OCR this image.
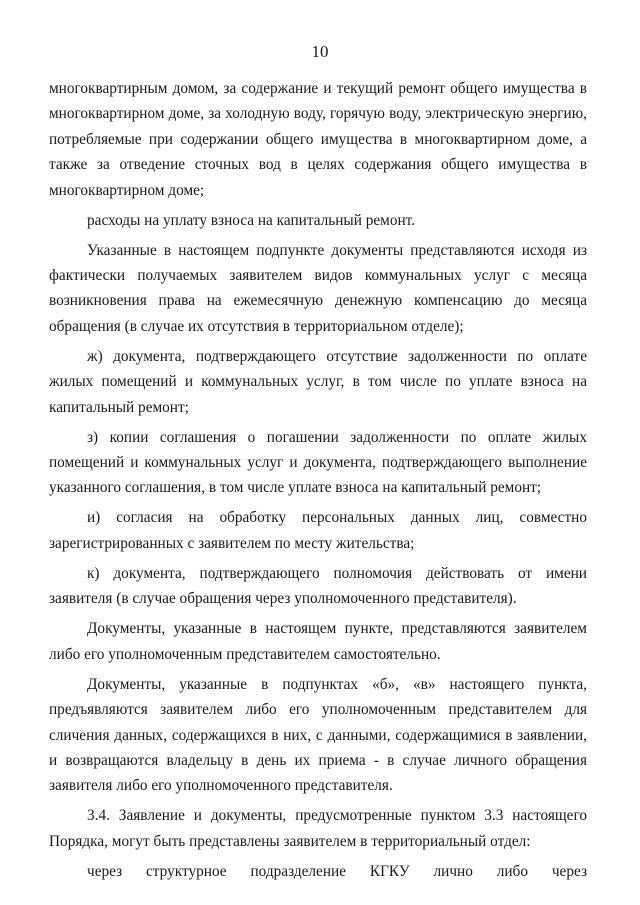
10

многоквартирным домом, за содержание и текущий ремонт общего имущества в многоквартирном доме, за холодную воду, горячую воду, электрическую энергию, потребляемые при содержании общего имущества в многоквартирном доме, а также за отведение сточных вод в целях содержания общего имущества в многоквартирном доме;

расходы на уплату взноса на капитальный ремонт.

Указанные в настоящем подпункте документы представляются исходя из фактически получаемых заявителем видов коммунальных услуг с месяца возникновения права на ежемесячную денежную компенсацию до месяца обращения (в случае их отсутствия в территориальном отделе);

ж) документа, подтверждающего отсутствие задолженности по оплате жилых помещений и коммунальных услуг, в том числе по уплате взноса на капитальный ремонт;

з) копии соглашения о погашении задолженности по оплате жилых помещений и коммунальных услуг и документа, подтверждающего выполнение указанного соглашения, в том числе уплате взноса на капитальный ремонт;

и) согласия на обработку персональных данных лиц, совместно зарегистрированных с заявителем по месту жительства;

к) документа, подтверждающего полномочия действовать от имени заявителя (в случае обращения через уполномоченного представителя).

Документы, указанные в настоящем пункте, представляются заявителем либо его уполномоченным представителем самостоятельно.

Документы, указанные в подпунктах «б», «в» настоящего пункта, предъявляются заявителем либо его уполномоченным представителем для сличения данных, содержащихся в них, с данными, содержащимися в заявлении, и возвращаются владельцу в день их приема - в случае личного обращения заявителя либо его уполномоченного представителя.

3.4. Заявление и документы, предусмотренные пунктом 3.3 настоящего Порядка, могут быть представлены заявителем в территориальный отдел:

через структурное подразделение КГКУ лично либо через
